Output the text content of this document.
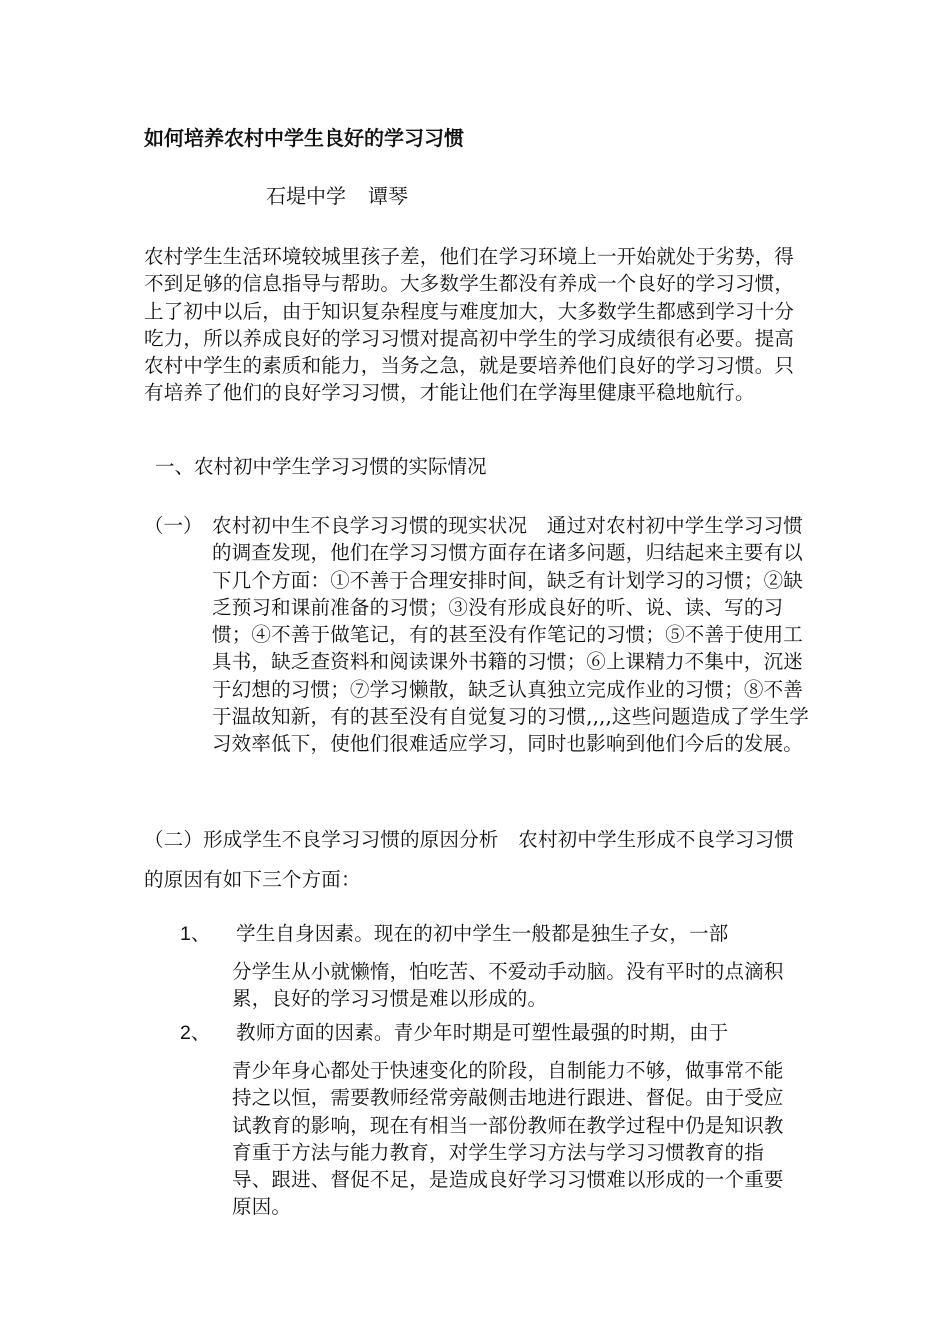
如何培养农村中学生良好的学习习惯
石堤中学 谭琴
农村学生生活环境较城里孩子差，他们在学习环境上一开始就处于劣势，得不到足够的信息指导与帮助。大多数学生都没有养成一个良好的学习习惯，上了初中以后，由于知识复杂程度与难度加大，大多数学生都感到学习十分吃力，所以养成良好的学习习惯对提高初中学生的学习成绩很有必要。提高农村中学生的素质和能力，当务之急，就是要培养他们良好的学习习惯。只有培养了他们的良好学习习惯，才能让他们在学海里健康平稳地航行。
一、农村初中学生学习习惯的实际情况
（一） 农村初中生不良学习习惯的现实状况　通过对农村初中学生学习习惯的调查发现，他们在学习习惯方面存在诸多问题，归结起来主要有以下几个方面：①不善于合理安排时间，缺乏有计划学习的习惯；②缺乏预习和课前准备的习惯；③没有形成良好的听、说、读、写的习惯；④不善于做笔记，有的甚至没有作笔记的习惯；⑤不善于使用工具书，缺乏查资料和阅读课外书籍的习惯；⑥上课精力不集中，沉迷于幻想的习惯；⑦学习懒散，缺乏认真独立完成作业的习惯；⑧不善于温故知新，有的甚至没有自觉复习的习惯,,,,这些问题造成了学生学习效率低下，使他们很难适应学习，同时也影响到他们今后的发展。
（二）形成学生不良学习习惯的原因分析　农村初中学生形成不良学习习惯的原因有如下三个方面：
1、 学生自身因素。现在的初中学生一般都是独生子女，一部
分学生从小就懒惰，怕吃苦、不爱动手动脑。没有平时的点滴积累，良好的学习习惯是难以形成的。
2、 教师方面的因素。青少年时期是可塑性最强的时期，由于
青少年身心都处于快速变化的阶段，自制能力不够，做事常不能持之以恒，需要教师经常旁敲侧击地进行跟进、督促。由于受应试教育的影响，现在有相当一部份教师在教学过程中仍是知识教育重于方法与能力教育，对学生学习方法与学习习惯教育的指导、跟进、督促不足，是造成良好学习习惯难以形成的一个重要原因。
